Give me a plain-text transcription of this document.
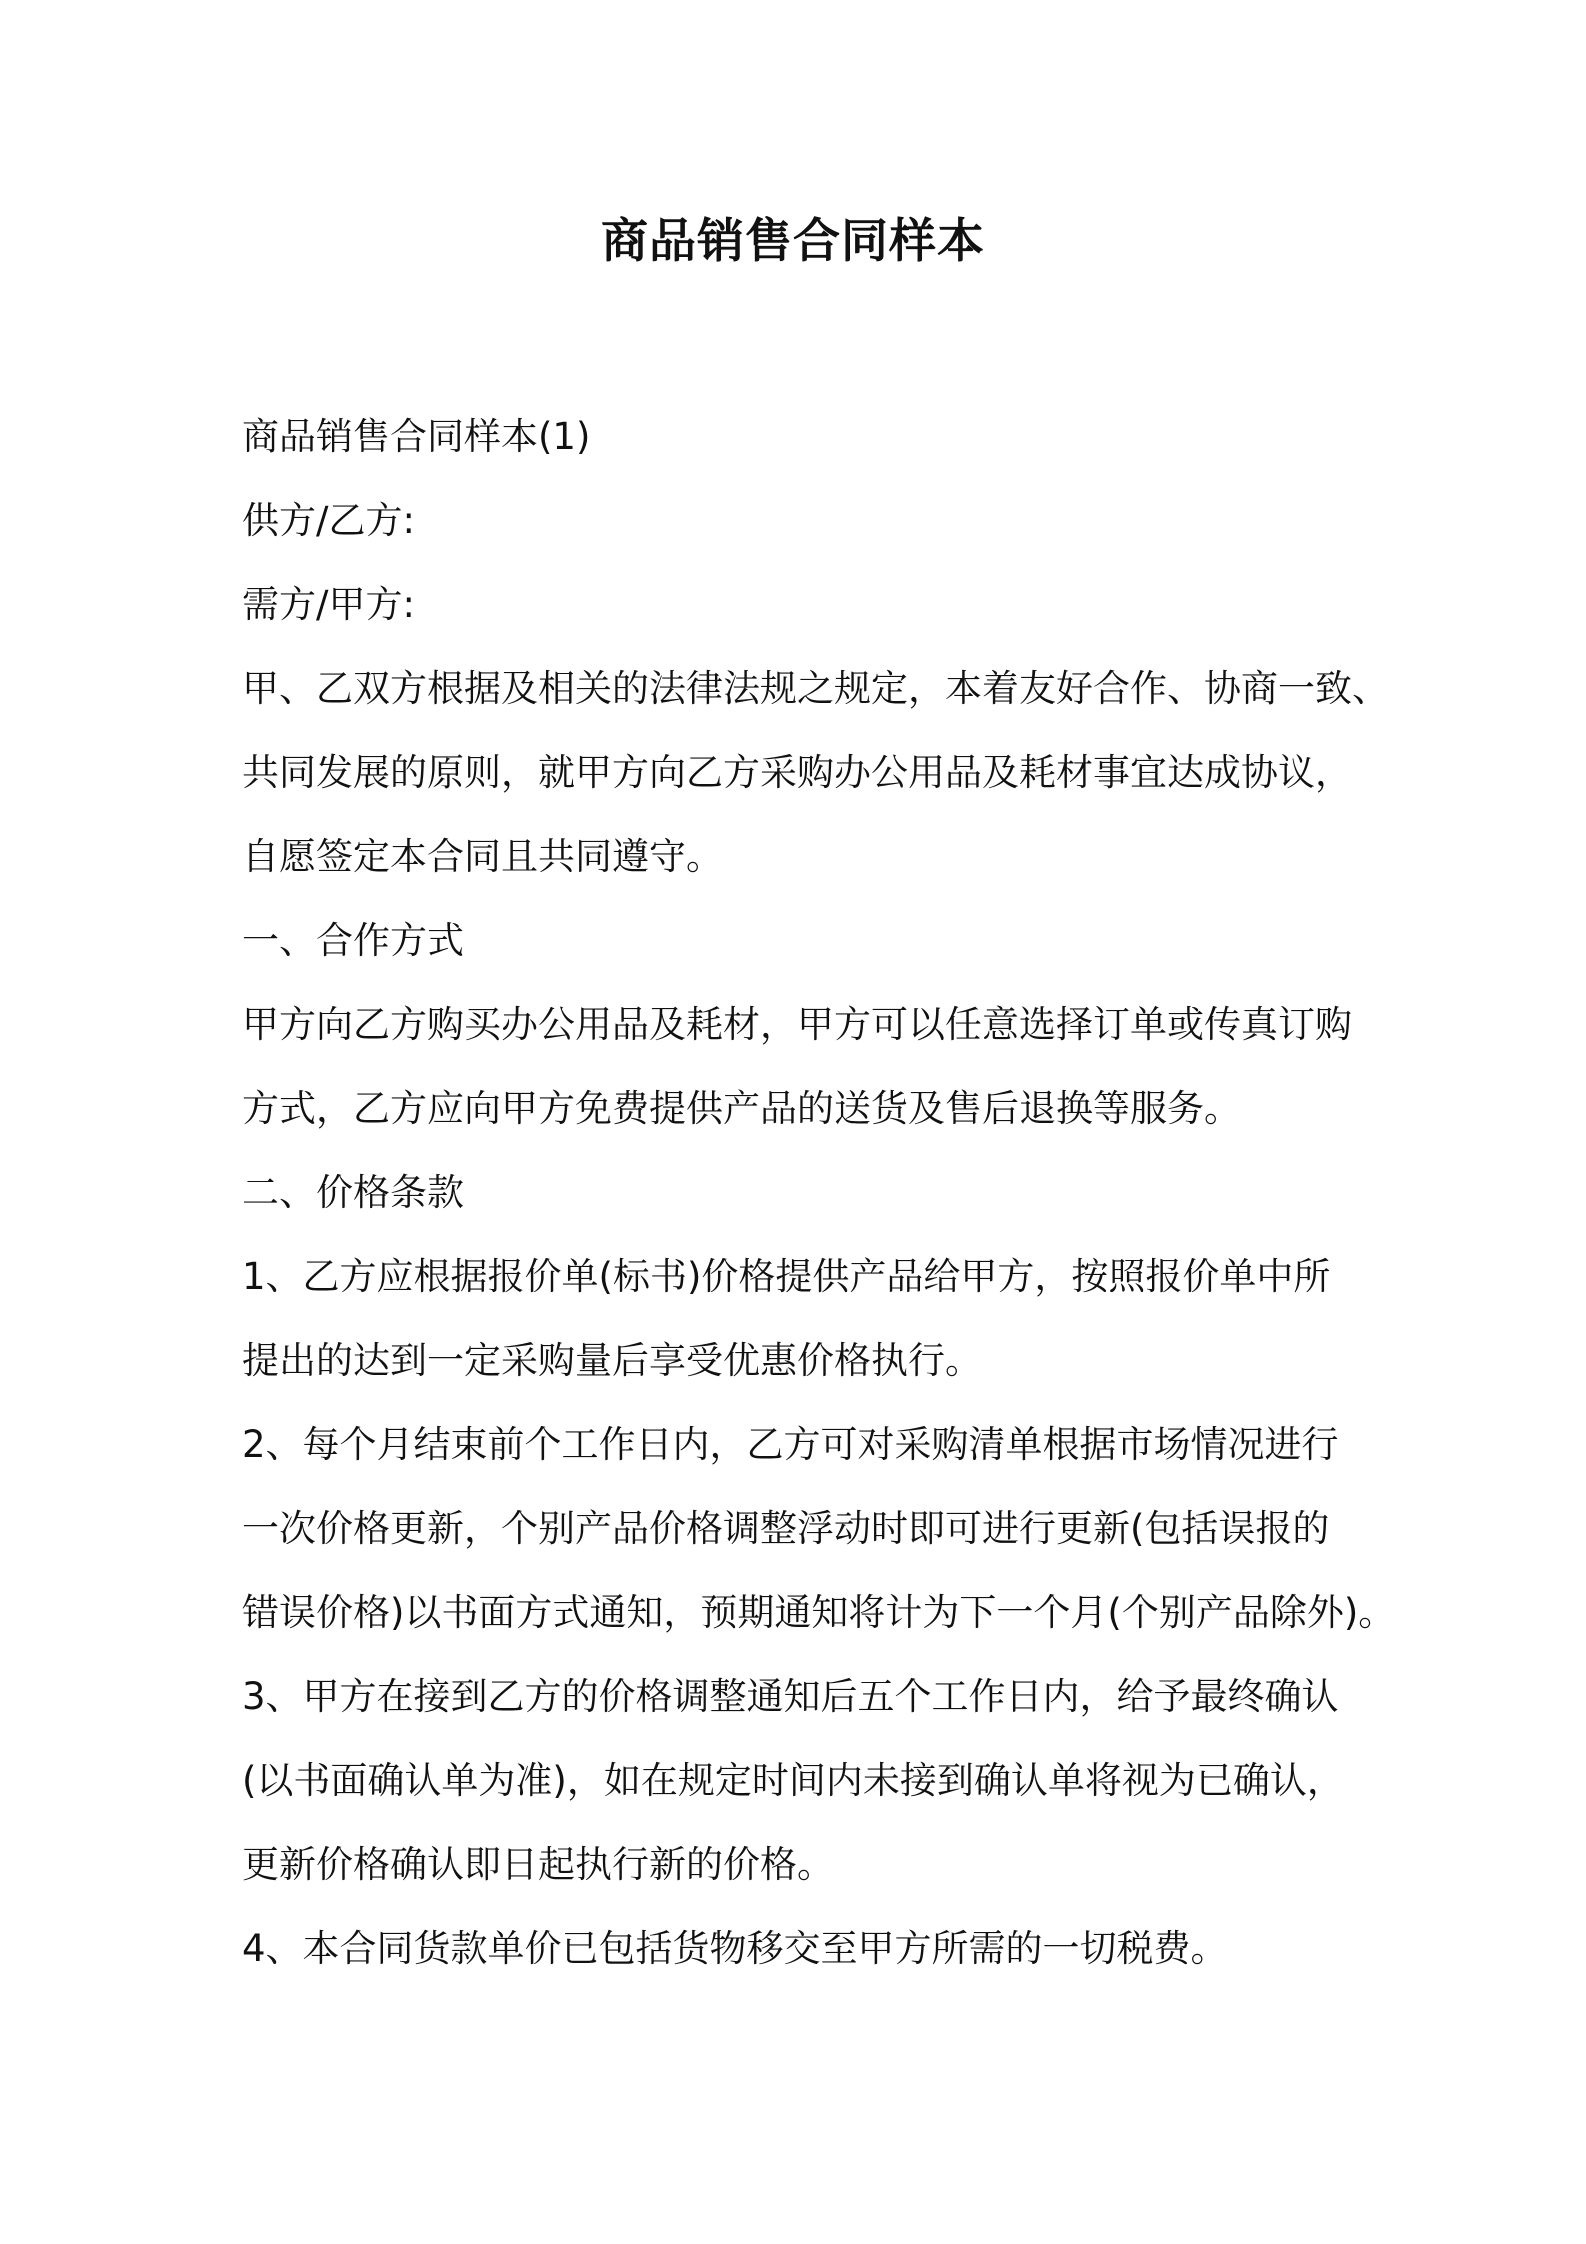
商品销售合同样本

商品销售合同样本(1)

供方/乙方:

需方/甲方:

甲、乙双方根据及相关的法律法规之规定，本着友好合作、协商一致、

共同发展的原则，就甲方向乙方采购办公用品及耗材事宜达成协议，

自愿签定本合同且共同遵守。

一、合作方式

甲方向乙方购买办公用品及耗材，甲方可以任意选择订单或传真订购

方式，乙方应向甲方免费提供产品的送货及售后退换等服务。

二、价格条款

1、乙方应根据报价单(标书)价格提供产品给甲方，按照报价单中所

提出的达到一定采购量后享受优惠价格执行。

2、每个月结束前个工作日内，乙方可对采购清单根据市场情况进行

一次价格更新，个别产品价格调整浮动时即可进行更新(包括误报的

错误价格)以书面方式通知，预期通知将计为下一个月(个别产品除外)。

3、甲方在接到乙方的价格调整通知后五个工作日内，给予最终确认

(以书面确认单为准)，如在规定时间内未接到确认单将视为已确认，

更新价格确认即日起执行新的价格。

4、本合同货款单价已包括货物移交至甲方所需的一切税费。
